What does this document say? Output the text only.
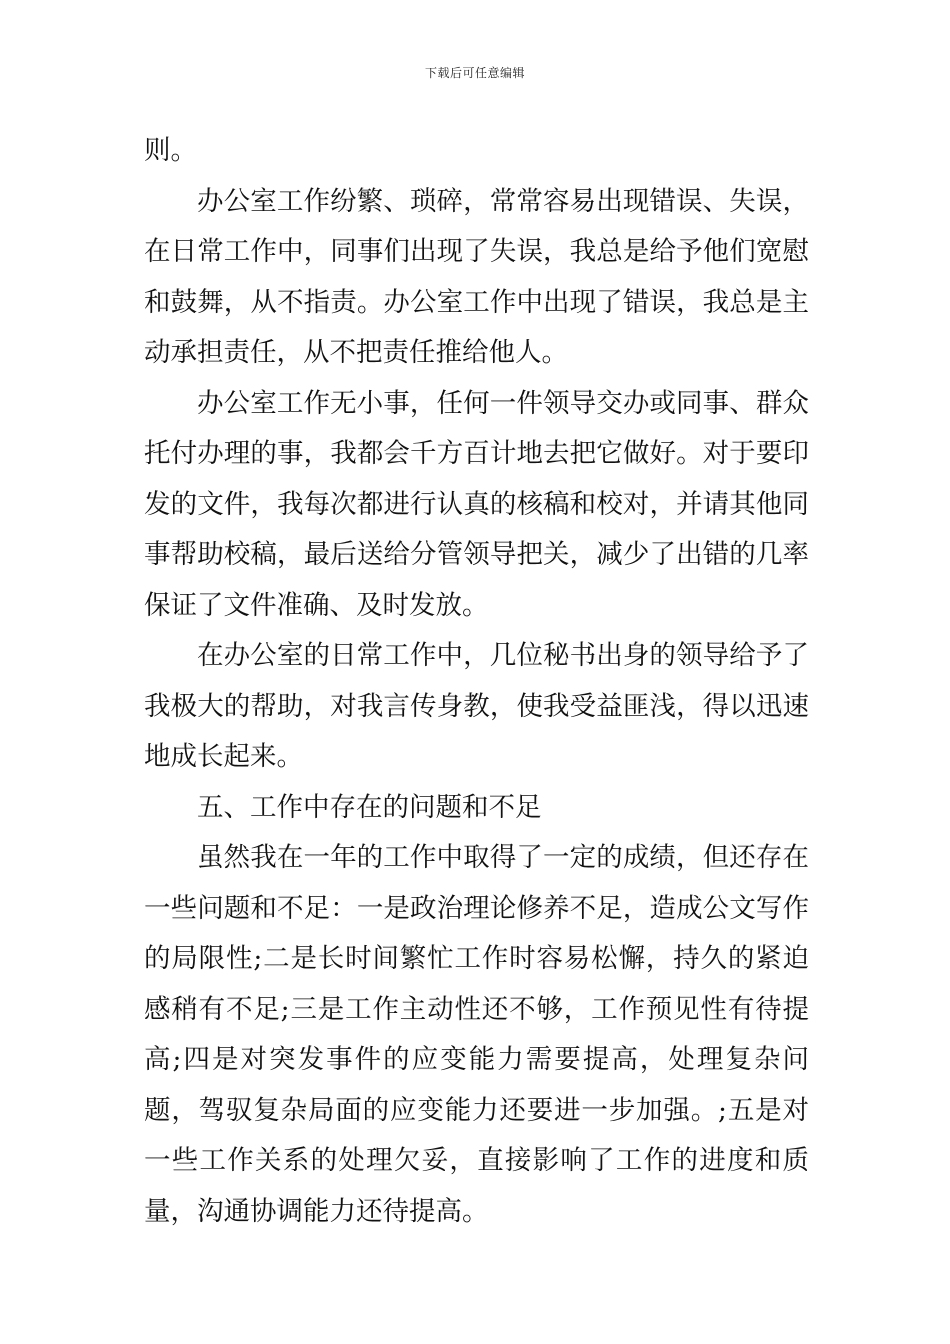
下载后可任意编辑

则。

办公室工作纷繁、琐碎，常常容易出现错误、失误，在日常工作中，同事们出现了失误，我总是给予他们宽慰和鼓舞，从不指责。办公室工作中出现了错误，我总是主动承担责任，从不把责任推给他人。

办公室工作无小事，任何一件领导交办或同事、群众托付办理的事，我都会千方百计地去把它做好。对于要印发的文件，我每次都进行认真的核稿和校对，并请其他同事帮助校稿，最后送给分管领导把关，减少了出错的几率保证了文件准确、及时发放。

在办公室的日常工作中，几位秘书出身的领导给予了我极大的帮助，对我言传身教，使我受益匪浅，得以迅速地成长起来。

五、工作中存在的问题和不足

虽然我在一年的工作中取得了一定的成绩，但还存在一些问题和不足：一是政治理论修养不足，造成公文写作的局限性;二是长时间繁忙工作时容易松懈，持久的紧迫感稍有不足;三是工作主动性还不够，工作预见性有待提高;四是对突发事件的应变能力需要提高，处理复杂问题，驾驭复杂局面的应变能力还要进一步加强。;五是对一些工作关系的处理欠妥，直接影响了工作的进度和质量，沟通协调能力还待提高。
